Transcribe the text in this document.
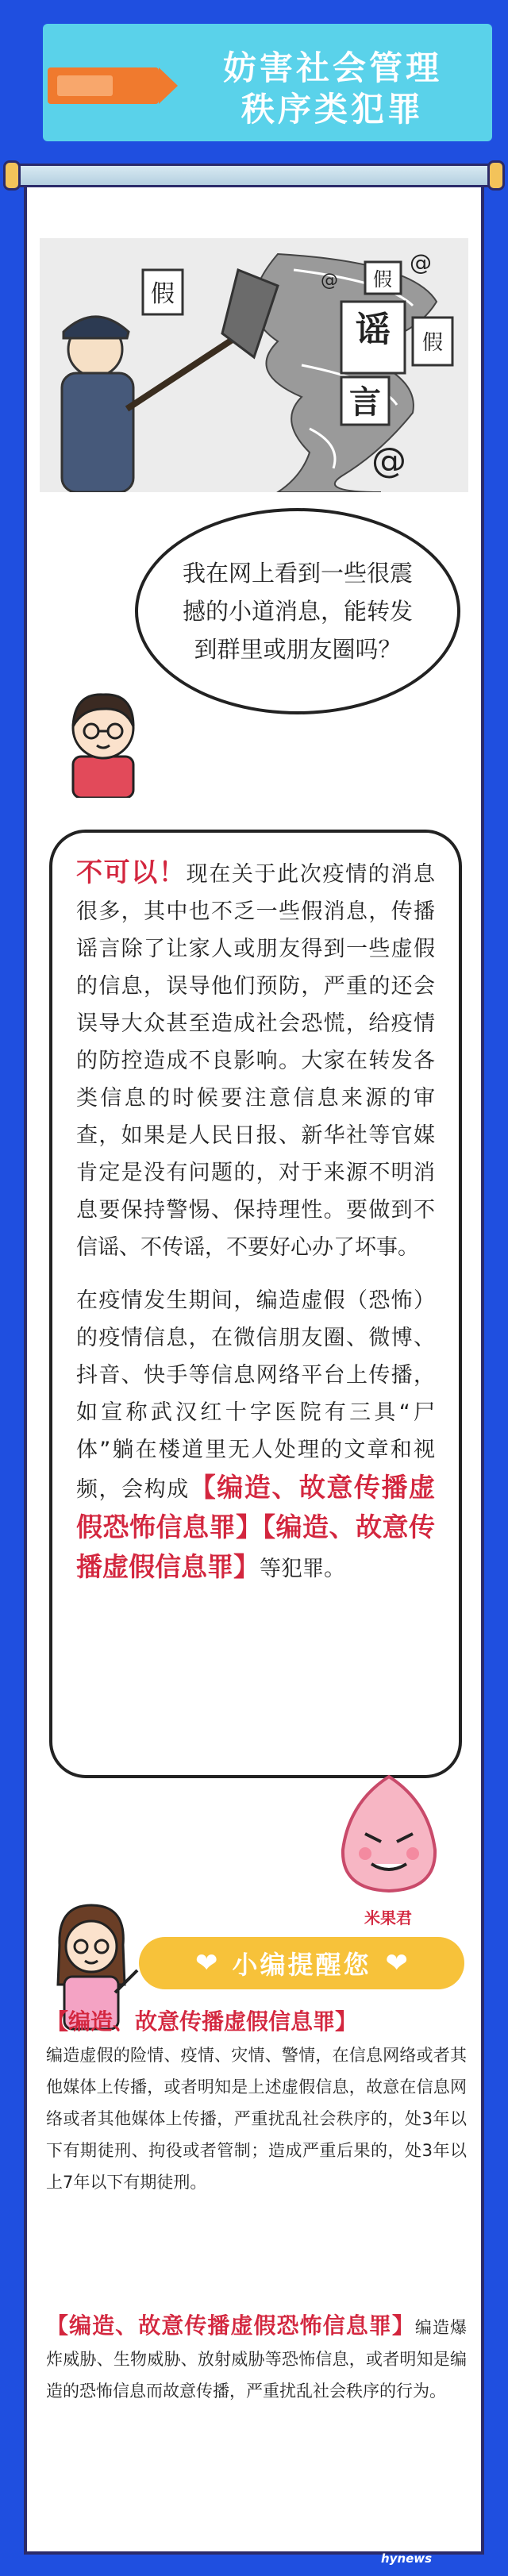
妨害社会管理
秩序类犯罪
假
谣
言
假
假
@
@
@
我在网上看到一些很震撼的小道消息，能转发到群里或朋友圈吗？

不可以！现在关于此次疫情的消息很多，其中也不乏一些假消息，传播谣言除了让家人或朋友得到一些虚假的信息，误导他们预防，严重的还会误导大众甚至造成社会恐慌，给疫情的防控造成不良影响。大家在转发各类信息的时候要注意信息来源的审查，如果是人民日报、新华社等官媒肯定是没有问题的，对于来源不明消息要保持警惕、保持理性。要做到不信谣、不传谣，不要好心办了坏事。

在疫情发生期间，编造虚假（恐怖）的疫情信息，在微信朋友圈、微博、抖音、快手等信息网络平台上传播，如宣称武汉红十字医院有三具“尸体”躺在楼道里无人处理的文章和视频，会构成【编造、故意传播虚假恐怖信息罪】【编造、故意传播虚假信息罪】等犯罪。

米果君
❤ 小编提醒您 ❤
【编造、故意传播虚假信息罪】
编造虚假的险情、疫情、灾情、警情，在信息网络或者其他媒体上传播，或者明知是上述虚假信息，故意在信息网络或者其他媒体上传播，严重扰乱社会秩序的，处3年以下有期徒刑、拘役或者管制；造成严重后果的，处3年以上7年以下有期徒刑。
【编造、故意传播虚假恐怖信息罪】编造爆炸威胁、生物威胁、放射威胁等恐怖信息，或者明知是编造的恐怖信息而故意传播，严重扰乱社会秩序的行为。
河南新闻网
hynews
